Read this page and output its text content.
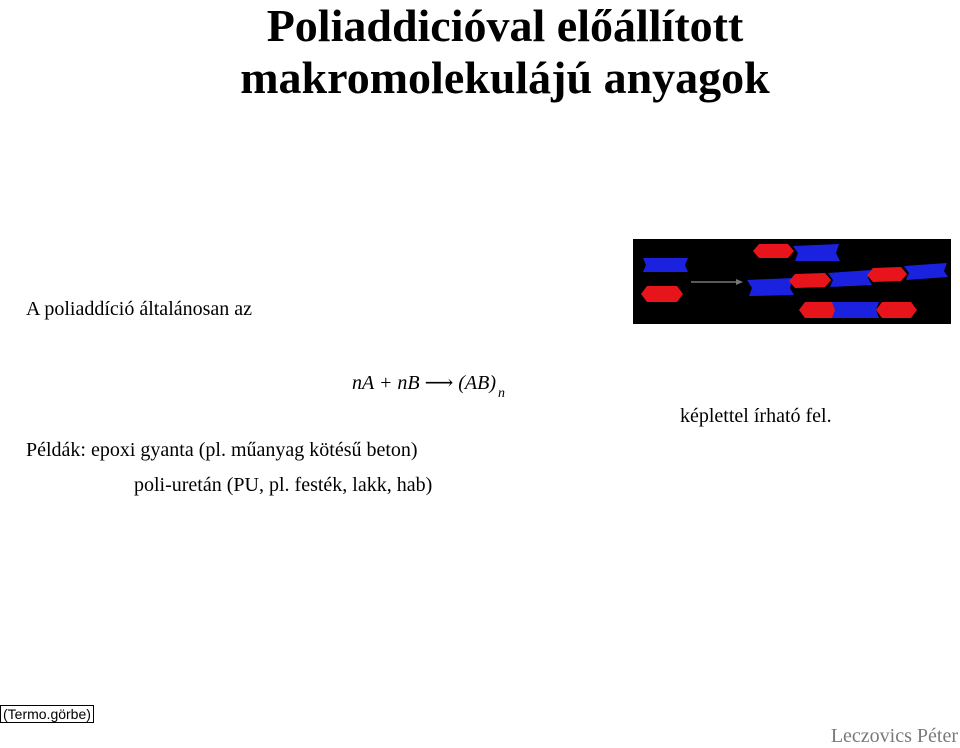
Poliaddicióval előállított
makromolekulájú anyagok
A poliaddíció általánosan az
nA + nB ⟶ (AB) $_n$
képlettel írható fel.
Példák: epoxi gyanta (pl. műanyag kötésű beton)
poli-uretán (PU, pl. festék, lakk, hab)
(Termo.görbe)
Leczovics Péter
